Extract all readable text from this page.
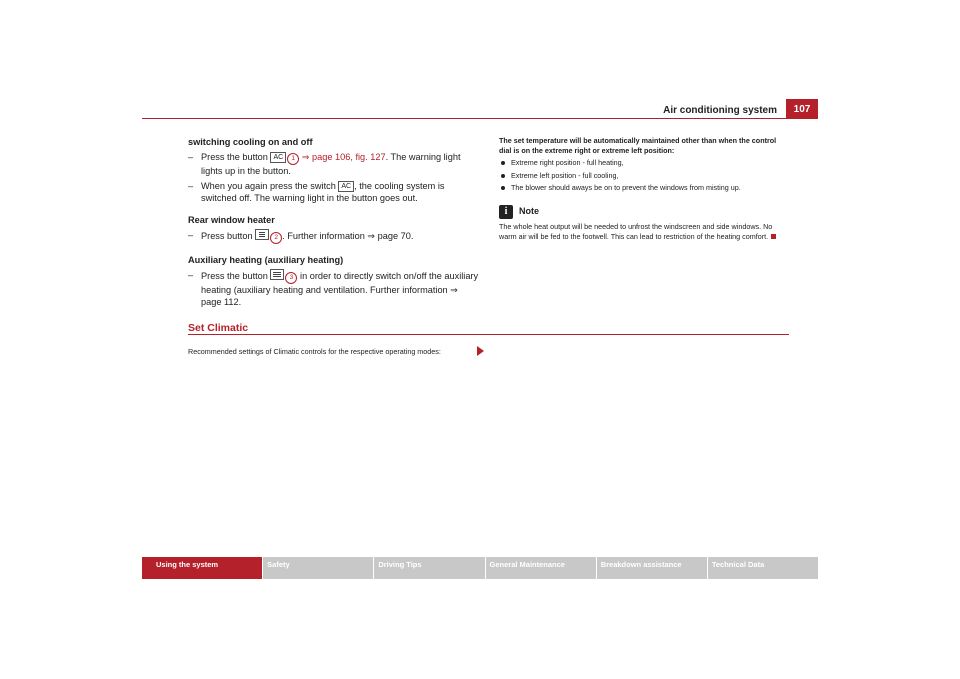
Air conditioning system	107
switching cooling on and off
– Press the button AC 1 ⇒ page 106, fig. 127. The warning light lights up in the button.
– When you again press the switch AC , the cooling system is switched off. The warning light in the button goes out.
Rear window heater
– Press button	2 . Further information ⇒ page 70.
Auxiliary heating (auxiliary heating)
– Press the button	3 in order to directly switch on/off the auxiliary heating (auxiliary heating and ventilation. Further information ⇒ page 112.
The set temperature will be automatically maintained other than when the control dial is on the extreme right or extreme left position:
Extreme right position - full heating,
Extreme left position - full cooling,
The blower should aways be on to prevent the windows from misting up.
i	Note
The whole heat output will be needed to unfrost the windscreen and side windows. No warm air will be fed to the footwell. This can lead to restriction of the heating comfort.
Set Climatic
Recommended settings of Climatic controls for the respective operating modes:
Using the system	Safety	Driving Tips	General Maintenance	Breakdown assistance	Technical Data
